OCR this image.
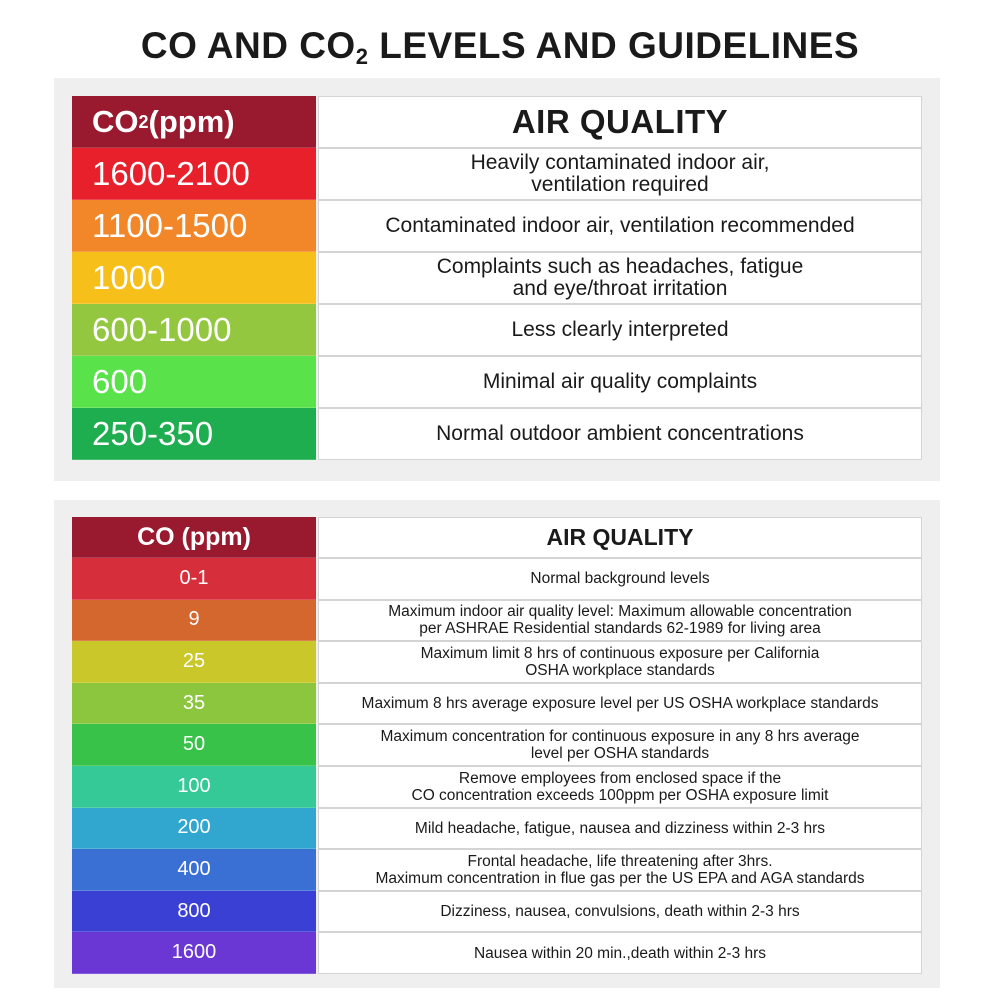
CO AND $CO_2$ LEVELS AND GUIDELINES
CO 2 (ppm)	AIR QUALITY
1600-2100	Heavily contaminated indoor air,
ventilation required
1100-1500	Contaminated indoor air, ventilation recommended
1000	Complaints such as headaches, fatigue
and eye/throat irritation
600-1000	Less clearly interpreted
600	Minimal air quality complaints
250-350	Normal outdoor ambient concentrations
CO (ppm)	AIR QUALITY
0-1	Normal background levels
9	Maximum indoor air quality level: Maximum allowable concentration
per ASHRAE Residential standards 62-1989 for living area
25	Maximum limit 8 hrs of continuous exposure per California
OSHA workplace standards
35	Maximum 8 hrs average exposure level per US OSHA workplace standards
50	Maximum concentration for continuous exposure in any 8 hrs average
level per OSHA standards
100	Remove employees from enclosed space if the
CO concentration exceeds 100ppm per OSHA exposure limit
200	Mild headache, fatigue, nausea and dizziness within 2-3 hrs
400	Frontal headache, life threatening after 3hrs.
Maximum concentration in flue gas per the US EPA and AGA standards
800	Dizziness, nausea, convulsions, death within 2-3 hrs
1600	Nausea within 20 min.,death within 2-3 hrs
